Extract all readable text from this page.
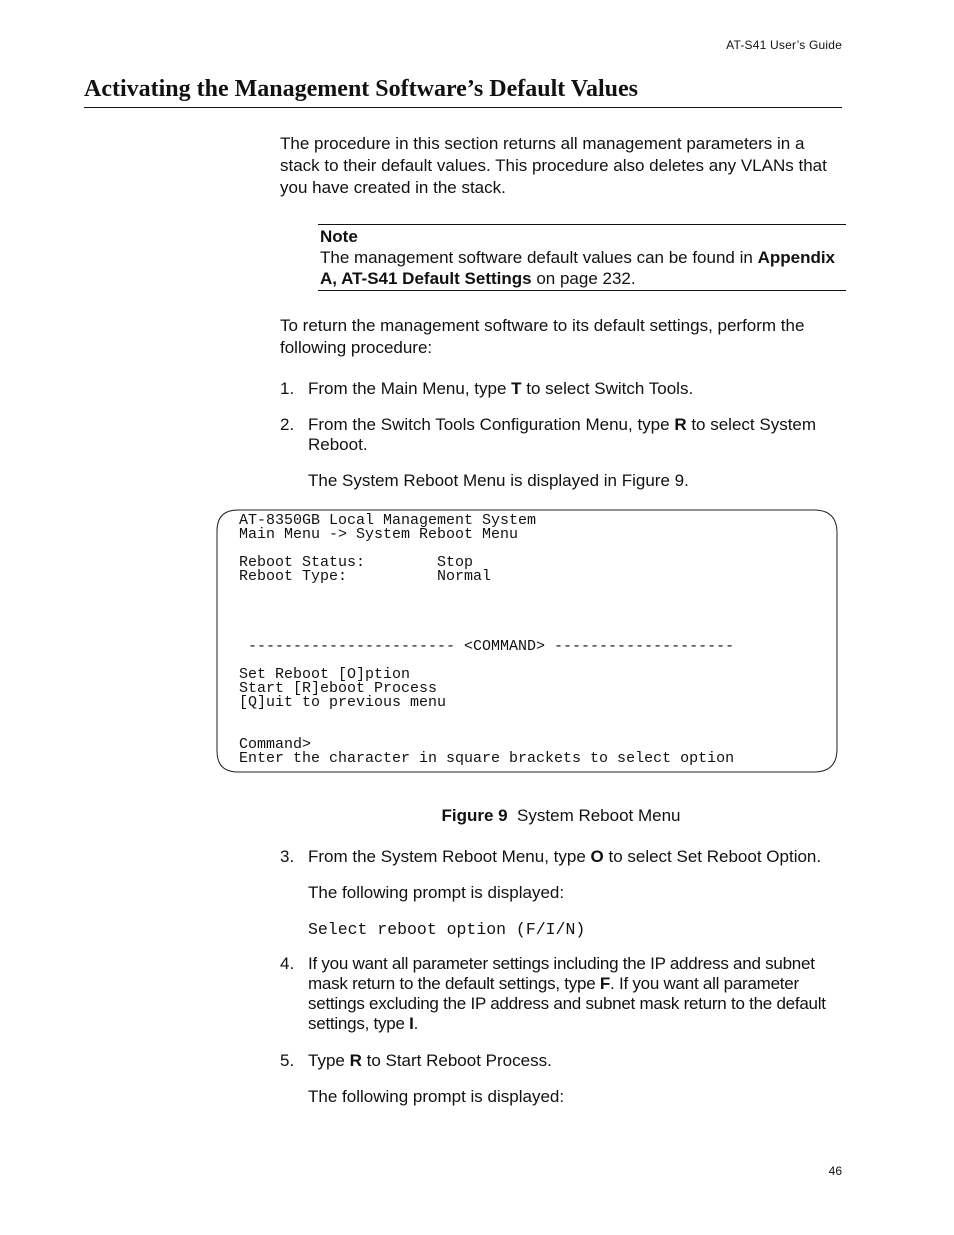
AT-S41 User’s Guide
Activating the Management Software’s Default Values

The procedure in this section returns all management parameters in a stack to their default values. This procedure also deletes any VLANs that you have created in the stack.

Note
The management software default values can be found in Appendix A, AT-S41 Default Settings on page 232.

To return the management software to its default settings, perform the following procedure:

1. From the Main Menu, type T to select Switch Tools.

2. From the Switch Tools Configuration Menu, type R to select System Reboot.

The System Reboot Menu is displayed in Figure 9.
AT-8350GB Local Management System
Main Menu -> System Reboot Menu

Reboot Status:	Stop
Reboot Type:	Normal

----------------------- <COMMAND> --------------------

Set Reboot [O]ption
Start [R]eboot Process
[Q]uit to previous menu

Command>
Enter the character in square brackets to select option
Figure 9 System Reboot Menu
3. From the System Reboot Menu, type O to select Set Reboot Option.

The following prompt is displayed:
Select reboot option (F/I/N)
4. If you want all parameter settings including the IP address and subnet mask return to the default settings, type F. If you want all parameter settings excluding the IP address and subnet mask return to the default settings, type I.

5. Type R to Start Reboot Process.

The following prompt is displayed:
46
